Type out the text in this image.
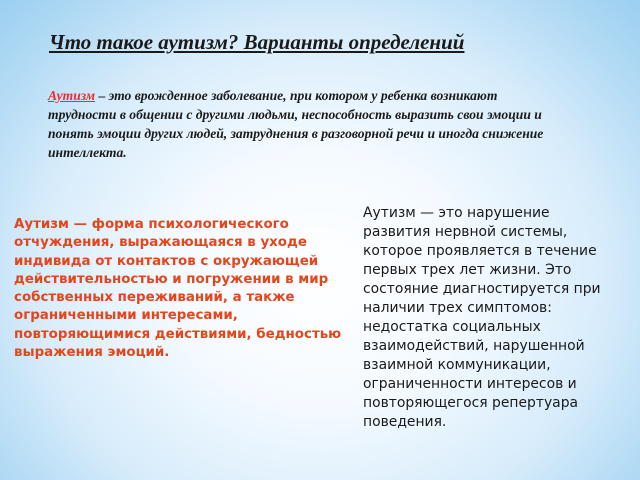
Что такое аутизм? Варианты определений

Аутизм – это врожденное заболевание, при котором у ребенка возникают трудности в общении с другими людьми, неспособность выразить свои эмоции и понять эмоции других людей, затруднения в разговорной речи и иногда снижение интеллекта.

Аутизм — форма психологического отчуждения, выражающаяся в уходе индивида от контактов с окружающей действительностью и погружении в мир собственных переживаний, а также ограниченными интересами, повторяющимися действиями, бедностью выражения эмоций.

Аутизм — это нарушение развития нервной системы, которое проявляется в течение первых трех лет жизни. Это состояние диагностируется при наличии трех симптомов: недостатка социальных взаимодействий, нарушенной взаимной коммуникации, ограниченности интересов и повторяющегося репертуара поведения.
